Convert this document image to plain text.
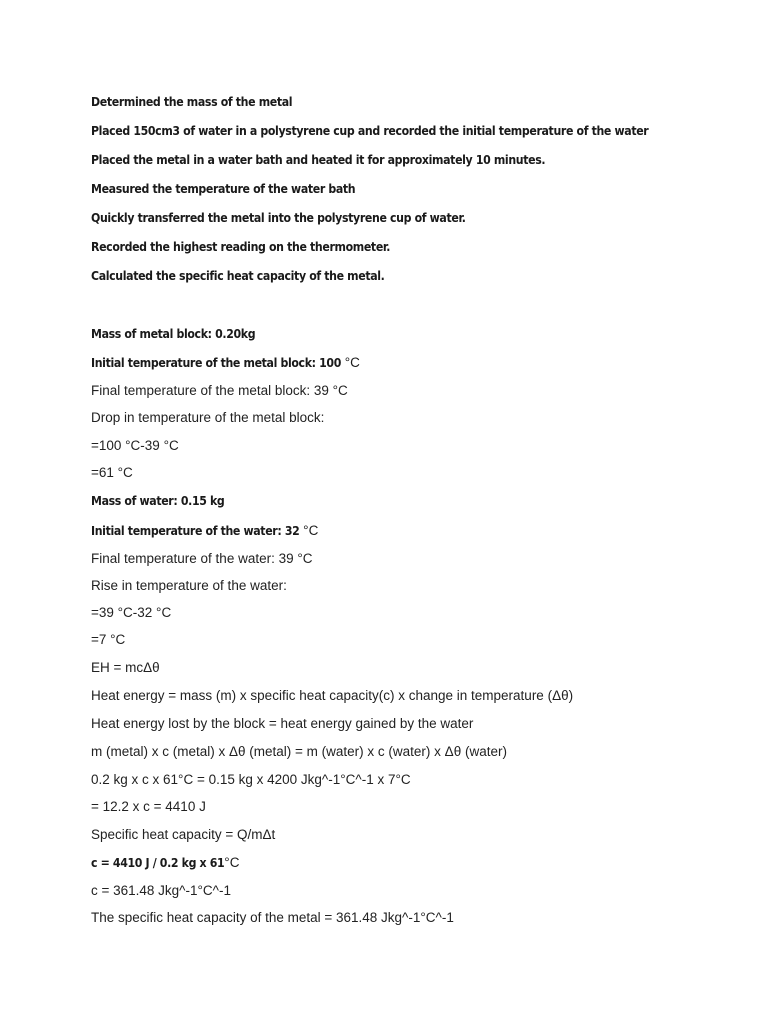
Determined the mass of the metal
Placed 150cm3 of water in a polystyrene cup and recorded the initial temperature of the water
Placed the metal in a water bath and heated it for approximately 10 minutes.
Measured the temperature of the water bath
Quickly transferred the metal into the polystyrene cup of water.
Recorded the highest reading on the thermometer.
Calculated the specific heat capacity of the metal.
Mass of metal block: 0.20kg
Initial temperature of the metal block: 100 °C
Final temperature of the metal block: 39 °C
Drop in temperature of the metal block:
=100 °C-39 °C
=61 °C
Mass of water: 0.15 kg
Initial temperature of the water: 32 °C
Final temperature of the water: 39 °C
Rise in temperature of the water:
=39 °C-32 °C
=7 °C
EH = mcΔθ
Heat energy = mass (m) x specific heat capacity(c) x change in temperature (Δθ)
Heat energy lost by the block = heat energy gained by the water
m (metal) x c (metal) x Δθ (metal) = m (water) x c (water) x Δθ (water)
0.2 kg x c x 61°C = 0.15 kg x 4200 Jkg^-1°C^-1 x 7°C
= 12.2 x c = 4410 J
Specific heat capacity = Q/mΔt
c = 4410 J / 0.2 kg x 61°C
c = 361.48 Jkg^-1°C^-1
The specific heat capacity of the metal = 361.48 Jkg^-1°C^-1
